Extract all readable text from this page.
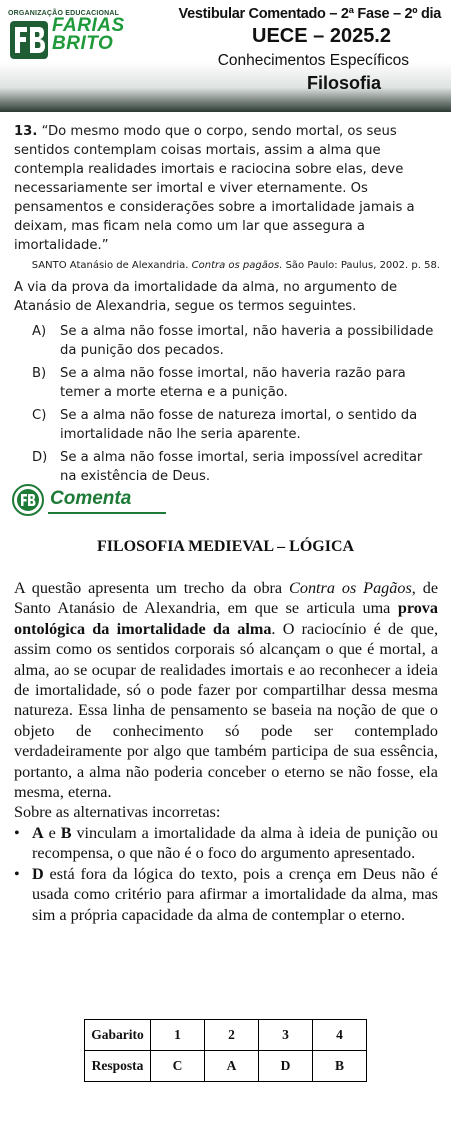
ORGANIZAÇÃO EDUCACIONAL
FARIAS
BRITO
Vestibular Comentado – 2ª Fase – 2º dia
UECE – 2025.2
Conhecimentos Específicos
Filosofia

13. “Do mesmo modo que o corpo, sendo mortal, os seus sentidos contemplam coisas mortais, assim a alma que contempla realidades imortais e raciocina sobre elas, deve necessariamente ser imortal e viver eternamente. Os pensamentos e considerações sobre a imortalidade jamais a deixam, mas ficam nela como um lar que assegura a imortalidade.”

SANTO Atanásio de Alexandria. Contra os pagãos. São Paulo: Paulus, 2002. p. 58.

A via da prova da imortalidade da alma, no argumento de Atanásio de Alexandria, segue os termos seguintes.

A)	Se a alma não fosse imortal, não haveria a possibilidade da punição dos pecados.
B)	Se a alma não fosse imortal, não haveria razão para temer a morte eterna e a punição.
C)	Se a alma não fosse de natureza imortal, o sentido da imortalidade não lhe seria aparente.
D) Se a alma não fosse imortal, seria impossível acreditar na existência de Deus.
Comenta
FILOSOFIA MEDIEVAL – LÓGICA

A questão apresenta um trecho da obra Contra os Pagãos, de Santo Atanásio de Alexandria, em que se articula uma prova ontológica da imortalidade da alma. O raciocínio é de que, assim como os sentidos corporais só alcançam o que é mortal, a alma, ao se ocupar de realidades imortais e ao reconhecer a ideia de imortalidade, só o pode fazer por compartilhar dessa mesma natureza. Essa linha de pensamento se baseia na noção de que o objeto de conhecimento só pode ser contemplado verdadeiramente por algo que também participa de sua essência, portanto, a alma não poderia conceber o eterno se não fosse, ela mesma, eterna.

Sobre as alternativas incorretas:

• A e B vinculam a imortalidade da alma à ideia de punição ou recompensa, o que não é o foco do argumento apresentado.
• D está fora da lógica do texto, pois a crença em Deus não é usada como critério para afirmar a imortalidade da alma, mas sim a própria capacidade da alma de contemplar o eterno.
Gabarito	1	2	3	4
Resposta	C	A	D	B
